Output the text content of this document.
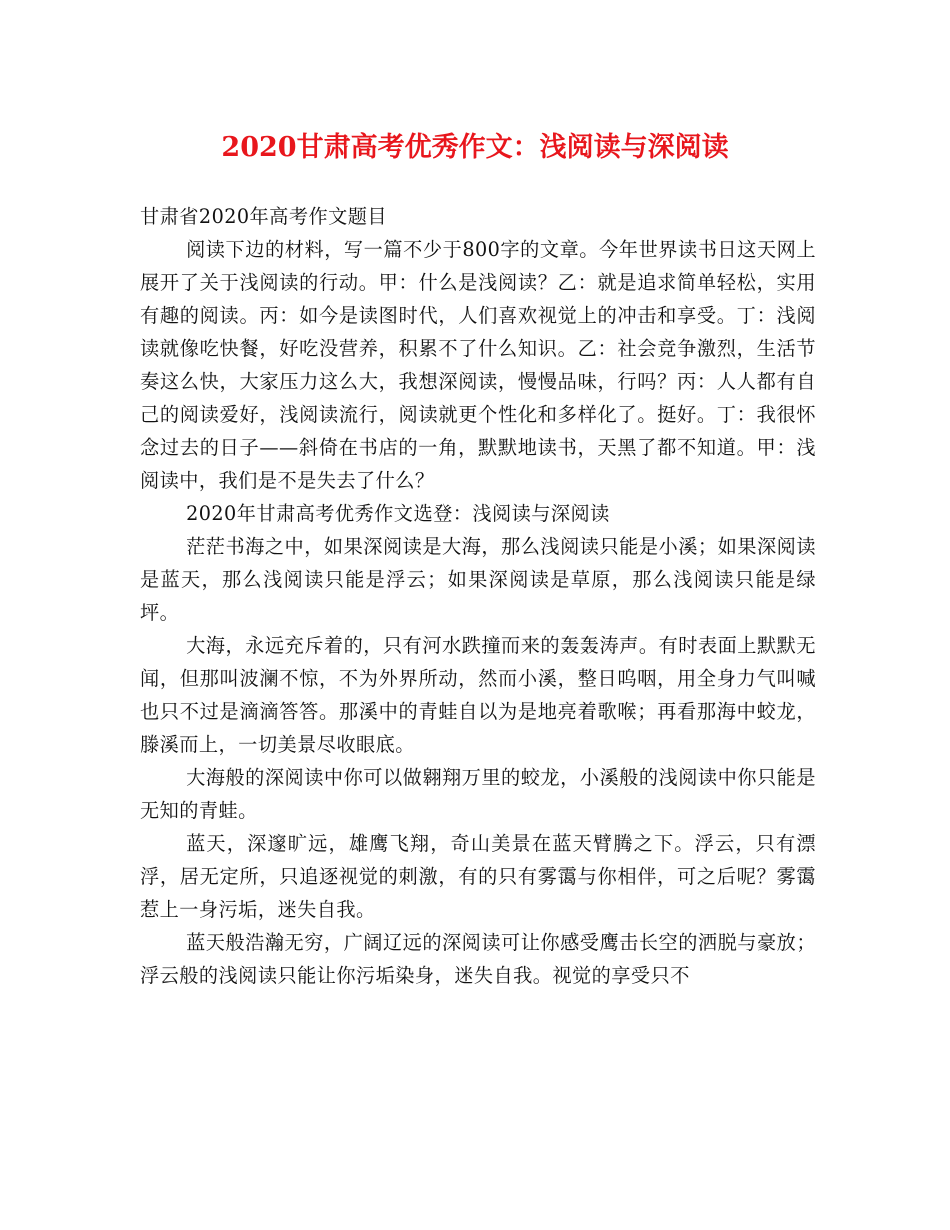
2020甘肃高考优秀作文：浅阅读与深阅读

甘肃省2020年高考作文题目

阅读下边的材料，写一篇不少于800字的文章。今年世界读书日这天网上展开了关于浅阅读的行动。甲：什么是浅阅读？乙：就是追求简单轻松，实用有趣的阅读。丙：如今是读图时代，人们喜欢视觉上的冲击和享受。丁：浅阅读就像吃快餐，好吃没营养，积累不了什么知识。乙：社会竞争激烈，生活节奏这么快，大家压力这么大，我想深阅读，慢慢品味，行吗？丙：人人都有自己的阅读爱好，浅阅读流行，阅读就更个性化和多样化了。挺好。丁：我很怀念过去的日子——斜倚在书店的一角，默默地读书，天黑了都不知道。甲：浅阅读中，我们是不是失去了什么？

2020年甘肃高考优秀作文选登：浅阅读与深阅读

茫茫书海之中，如果深阅读是大海，那么浅阅读只能是小溪；如果深阅读是蓝天，那么浅阅读只能是浮云；如果深阅读是草原，那么浅阅读只能是绿坪。

大海，永远充斥着的，只有河水跌撞而来的轰轰涛声。有时表面上默默无闻，但那叫波澜不惊，不为外界所动，然而小溪，整日呜咽，用全身力气叫喊也只不过是滴滴答答。那溪中的青蛙自以为是地亮着歌喉；再看那海中蛟龙，滕溪而上，一切美景尽收眼底。

大海般的深阅读中你可以做翱翔万里的蛟龙，小溪般的浅阅读中你只能是无知的青蛙。

蓝天，深邃旷远，雄鹰飞翔，奇山美景在蓝天臂腾之下。浮云，只有漂浮，居无定所，只追逐视觉的刺激，有的只有雾霭与你相伴，可之后呢？雾霭惹上一身污垢，迷失自我。

蓝天般浩瀚无穷，广阔辽远的深阅读可让你感受鹰击长空的洒脱与豪放；浮云般的浅阅读只能让你污垢染身，迷失自我。视觉的享受只不
